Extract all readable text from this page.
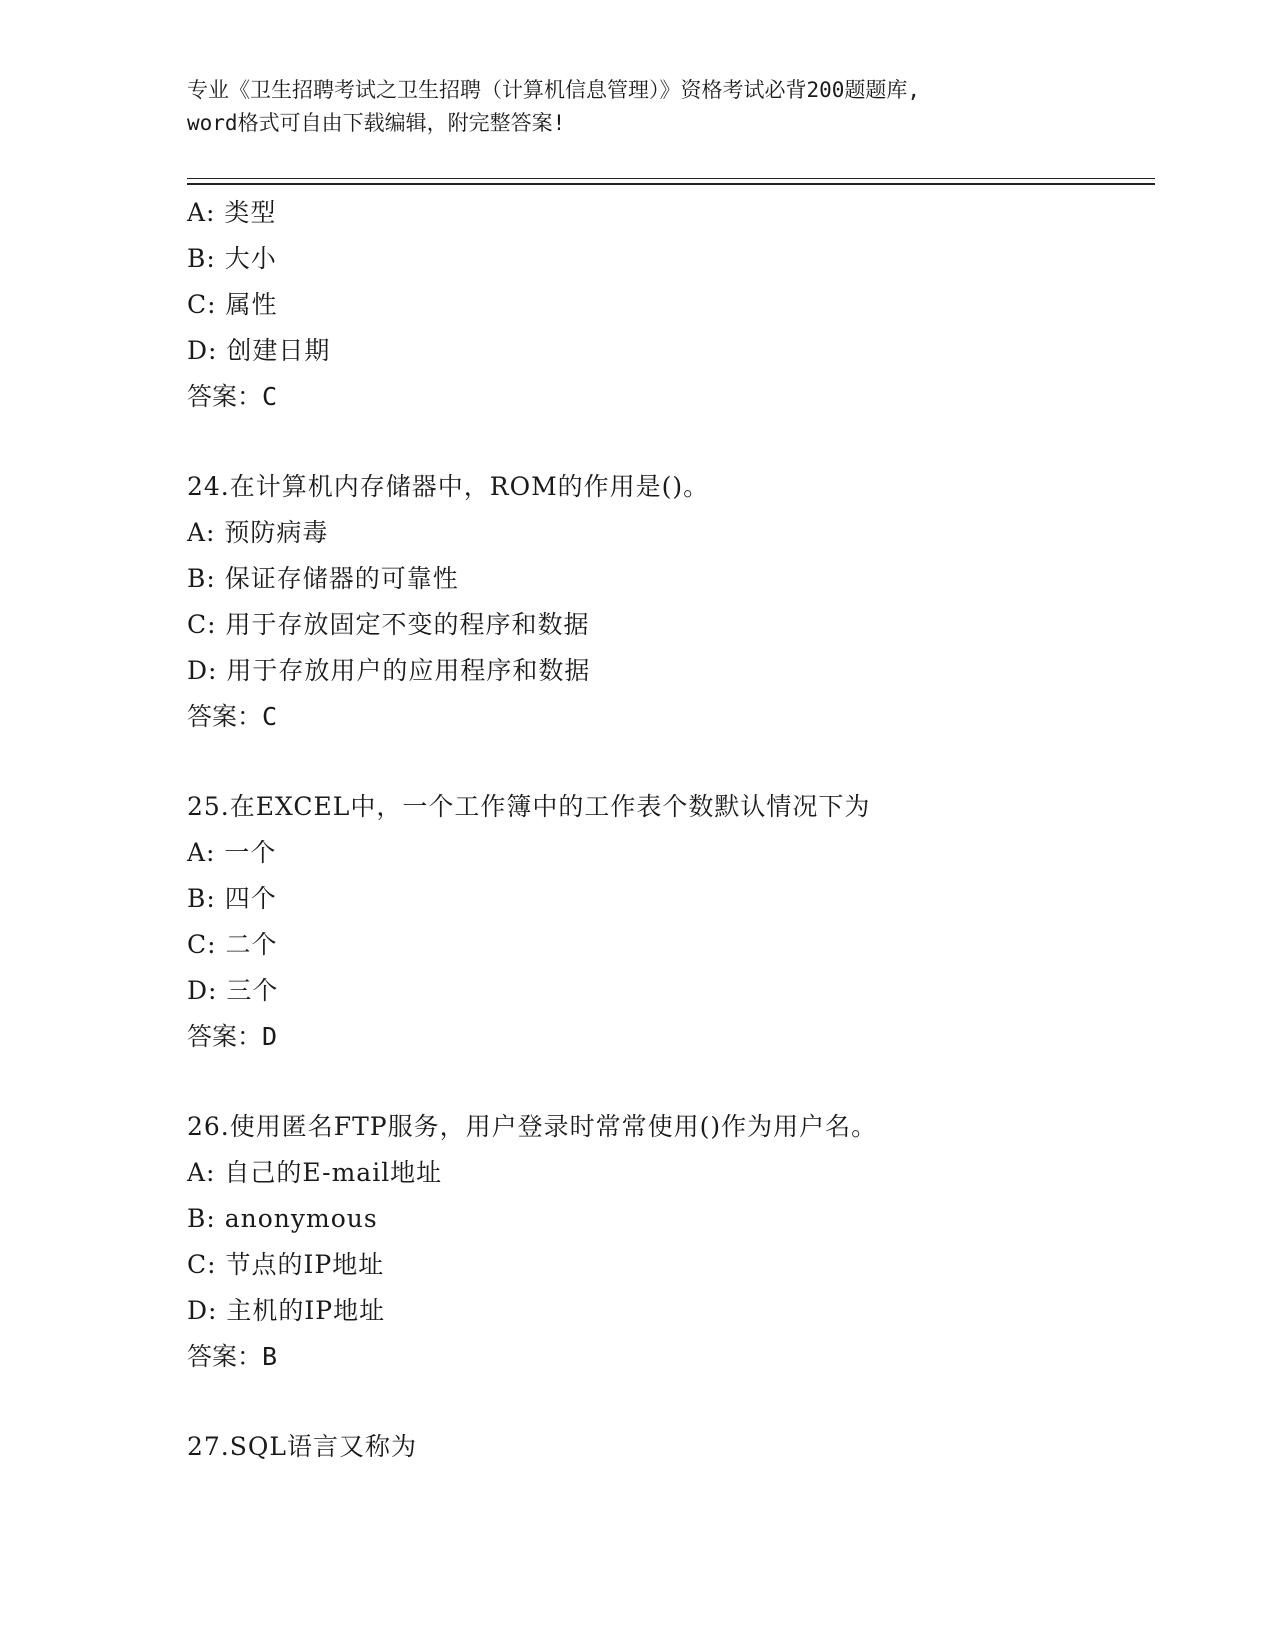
专业《卫生招聘考试之卫生招聘（计算机信息管理）》资格考试必背200题题库,
word格式可自由下载编辑，附完整答案!
A: 类型
B: 大小
C: 属性
D: 创建日期
答案：C
24.在计算机内存储器中，ROM的作用是()。
A: 预防病毒
B: 保证存储器的可靠性
C: 用于存放固定不变的程序和数据
D: 用于存放用户的应用程序和数据
答案：C
25.在EXCEL中，一个工作簿中的工作表个数默认情况下为
A: 一个
B: 四个
C: 二个
D: 三个
答案：D
26.使用匿名FTP服务，用户登录时常常使用()作为用户名。
A: 自己的E-mail地址
B: anonymous
C: 节点的IP地址
D: 主机的IP地址
答案：B
27.SQL语言又称为
